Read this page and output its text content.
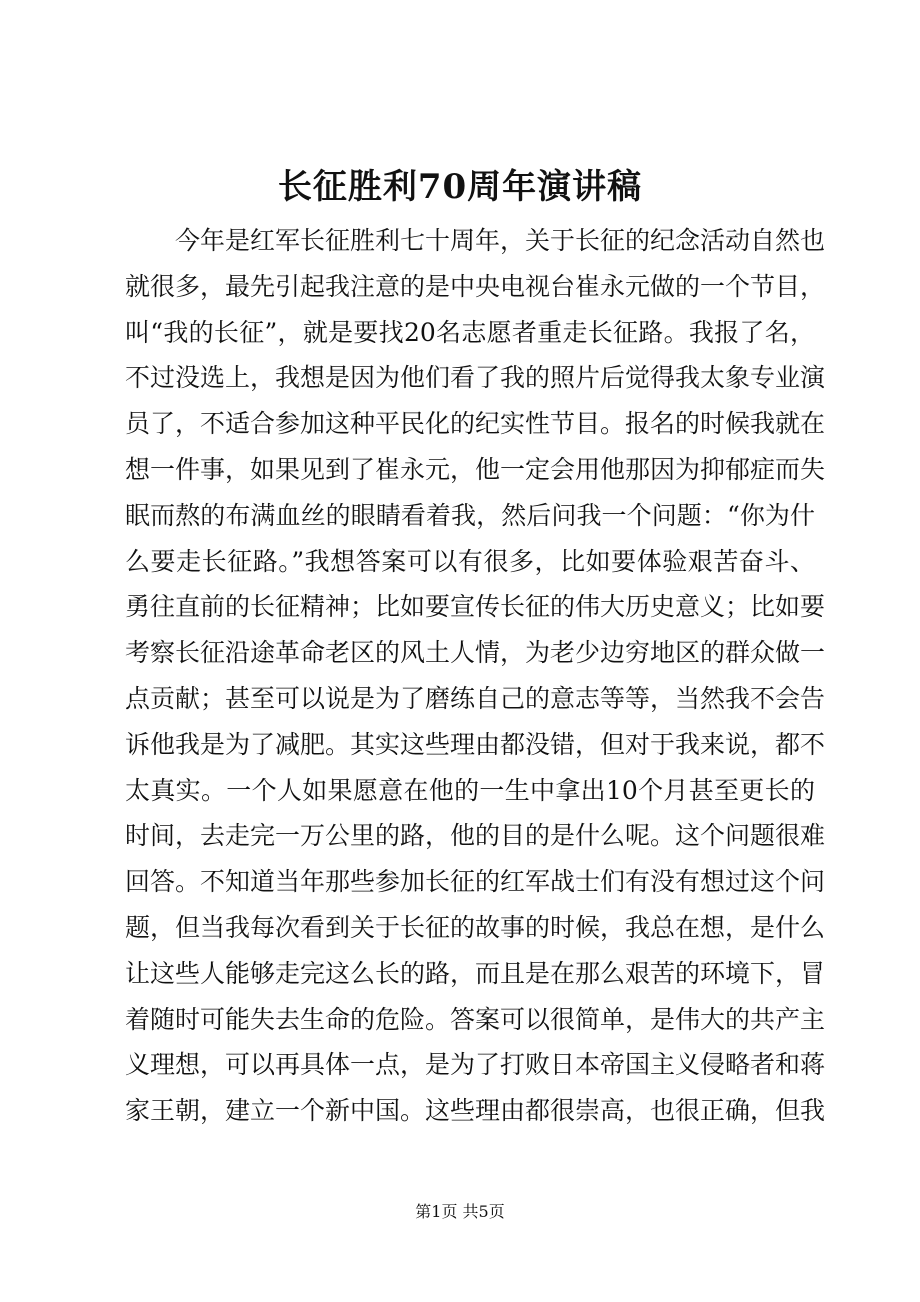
长征胜利70周年演讲稿
今年是红军长征胜利七十周年，关于长征的纪念活动自然也
就很多，最先引起我注意的是中央电视台崔永元做的一个节目，
叫“我的长征”，就是要找20名志愿者重走长征路。我报了名，
不过没选上，我想是因为他们看了我的照片后觉得我太象专业演
员了，不适合参加这种平民化的纪实性节目。报名的时候我就在
想一件事，如果见到了崔永元，他一定会用他那因为抑郁症而失
眠而熬的布满血丝的眼睛看着我，然后问我一个问题：“你为什
么要走长征路。”我想答案可以有很多，比如要体验艰苦奋斗、
勇往直前的长征精神；比如要宣传长征的伟大历史意义；比如要
考察长征沿途革命老区的风土人情，为老少边穷地区的群众做一
点贡献；甚至可以说是为了磨练自己的意志等等，当然我不会告
诉他我是为了减肥。其实这些理由都没错，但对于我来说，都不
太真实。一个人如果愿意在他的一生中拿出10个月甚至更长的
时间，去走完一万公里的路，他的目的是什么呢。这个问题很难
回答。不知道当年那些参加长征的红军战士们有没有想过这个问
题，但当我每次看到关于长征的故事的时候，我总在想，是什么
让这些人能够走完这么长的路，而且是在那么艰苦的环境下，冒
着随时可能失去生命的危险。答案可以很简单，是伟大的共产主
义理想，可以再具体一点，是为了打败日本帝国主义侵略者和蒋
家王朝，建立一个新中国。这些理由都很崇高，也很正确，但我
第1页 共5页
